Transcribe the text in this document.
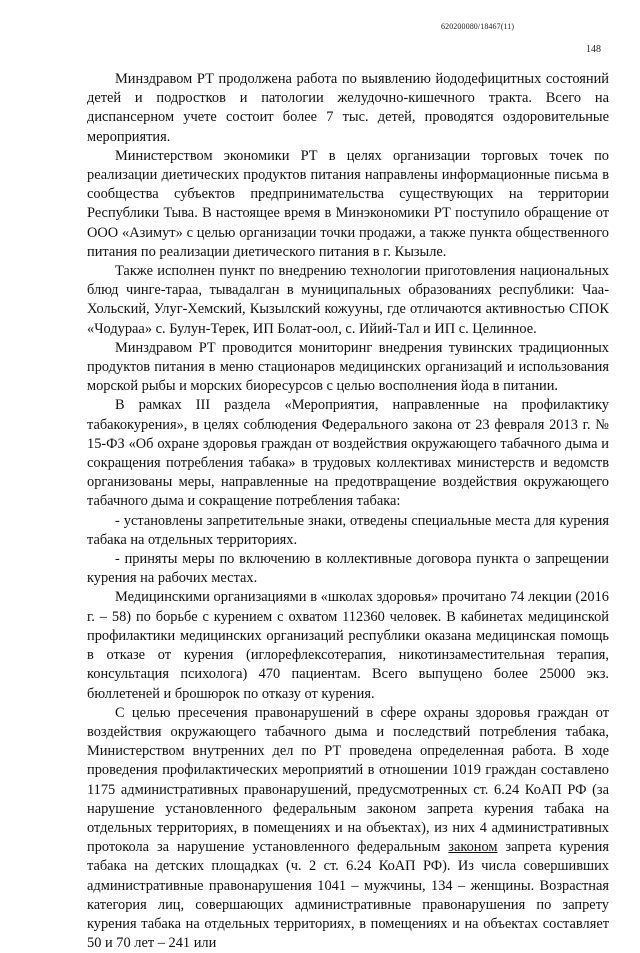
620200080/18467(11)
148

Минздравом РТ продолжена работа по выявлению йододефицитных состояний детей и подростков и патологии желудочно-кишечного тракта. Всего на диспансерном учете состоит более 7 тыс. детей, проводятся оздоровительные мероприятия.

Министерством экономики РТ в целях организации торговых точек по реализации диетических продуктов питания направлены информационные письма в сообщества субъектов предпринимательства существующих на территории Республики Тыва. В настоящее время в Минэкономики РТ поступило обращение от ООО «Азимут» с целью организации точки продажи, а также пункта общественного питания по реализации диетического питания в г. Кызыле.

Также исполнен пункт по внедрению технологии приготовления национальных блюд чинге-тараа, тывадалган в муниципальных образованиях республики: Чаа-Хольский, Улуг-Хемский, Кызылский кожууны, где отличаются активностью СПОК «Чодураа» с. Булун-Терек, ИП Болат-оол, с. Ийий-Тал и ИП с. Целинное.

Минздравом РТ проводится мониторинг внедрения тувинских традиционных продуктов питания в меню стационаров медицинских организаций и использования морской рыбы и морских биоресурсов с целью восполнения йода в питании.

В рамках III раздела «Мероприятия, направленные на профилактику табакокурения», в целях соблюдения Федерального закона от 23 февраля 2013 г. № 15-ФЗ «Об охране здоровья граждан от воздействия окружающего табачного дыма и сокращения потребления табака» в трудовых коллективах министерств и ведомств организованы меры, направленные на предотвращение воздействия окружающего табачного дыма и сокращение потребления табака:

- установлены запретительные знаки, отведены специальные места для курения табака на отдельных территориях.

- приняты меры по включению в коллективные договора пункта о запрещении курения на рабочих местах.

Медицинскими организациями в «школах здоровья» прочитано 74 лекции (2016 г. – 58) по борьбе с курением с охватом 112360 человек. В кабинетах медицинской профилактики медицинских организаций республики оказана медицинская помощь в отказе от курения (иглорефлексотерапия, никотинзаместительная терапия, консультация психолога) 470 пациентам. Всего выпущено более 25000 экз. бюллетеней и брошюрок по отказу от курения.

С целью пресечения правонарушений в сфере охраны здоровья граждан от воздействия окружающего табачного дыма и последствий потребления табака, Министерством внутренних дел по РТ проведена определенная работа. В ходе проведения профилактических мероприятий в отношении 1019 граждан составлено 1175 административных правонарушений, предусмотренных ст. 6.24 КоАП РФ (за нарушение установленного федеральным законом запрета курения табака на отдельных территориях, в помещениях и на объектах), из них 4 административных протокола за нарушение установленного федеральным законом запрета курения табака на детских площадках (ч. 2 ст. 6.24 КоАП РФ). Из числа совершивших административные правонарушения 1041 – мужчины, 134 – женщины. Возрастная категория лиц, совершающих административные правонарушения по запрету курения табака на отдельных территориях, в помещениях и на объектах составляет 50 и 70 лет – 241 или
